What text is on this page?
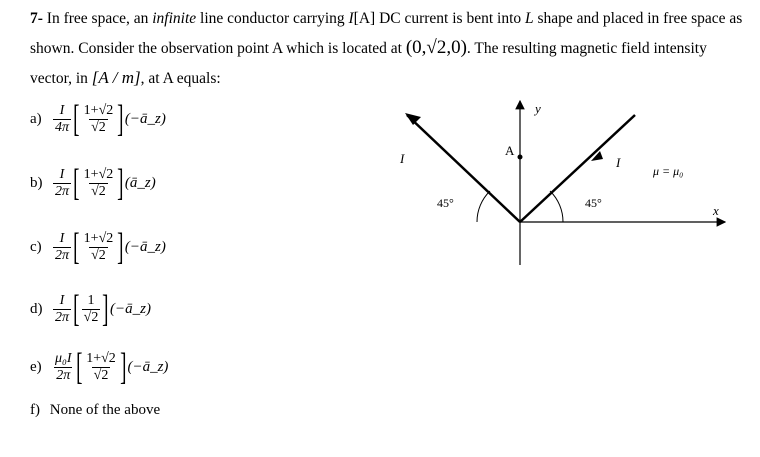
7- In free space, an infinite line conductor carrying I[A] DC current is bent into L shape and placed in free space as shown. Consider the observation point A which is located at (0,√2,0). The resulting magnetic field intensity vector, in [A / m], at A equals:
$a) \frac{I}{4\pi}$ [ $\frac{1+√2}{√2}$ ] (−ā_z)
$b) \frac{I}{2\pi}$ [ $\frac{1+√2}{√2}$ ] (ā_z)
$c) \frac{I}{2\pi}$ [ $\frac{1+√2}{√2}$ ] (−ā_z)
$d) \frac{I}{2\pi}$ [ $\frac{1}{√2}$ ] (−ā_z)
$e) \frac{\text{μ₀I}}{2\pi}$ [ $\frac{1+√2}{√2}$ ] (−ā_z)
f) None of the above
y
x
A
I	I
45°	45°
μ = μ₀
